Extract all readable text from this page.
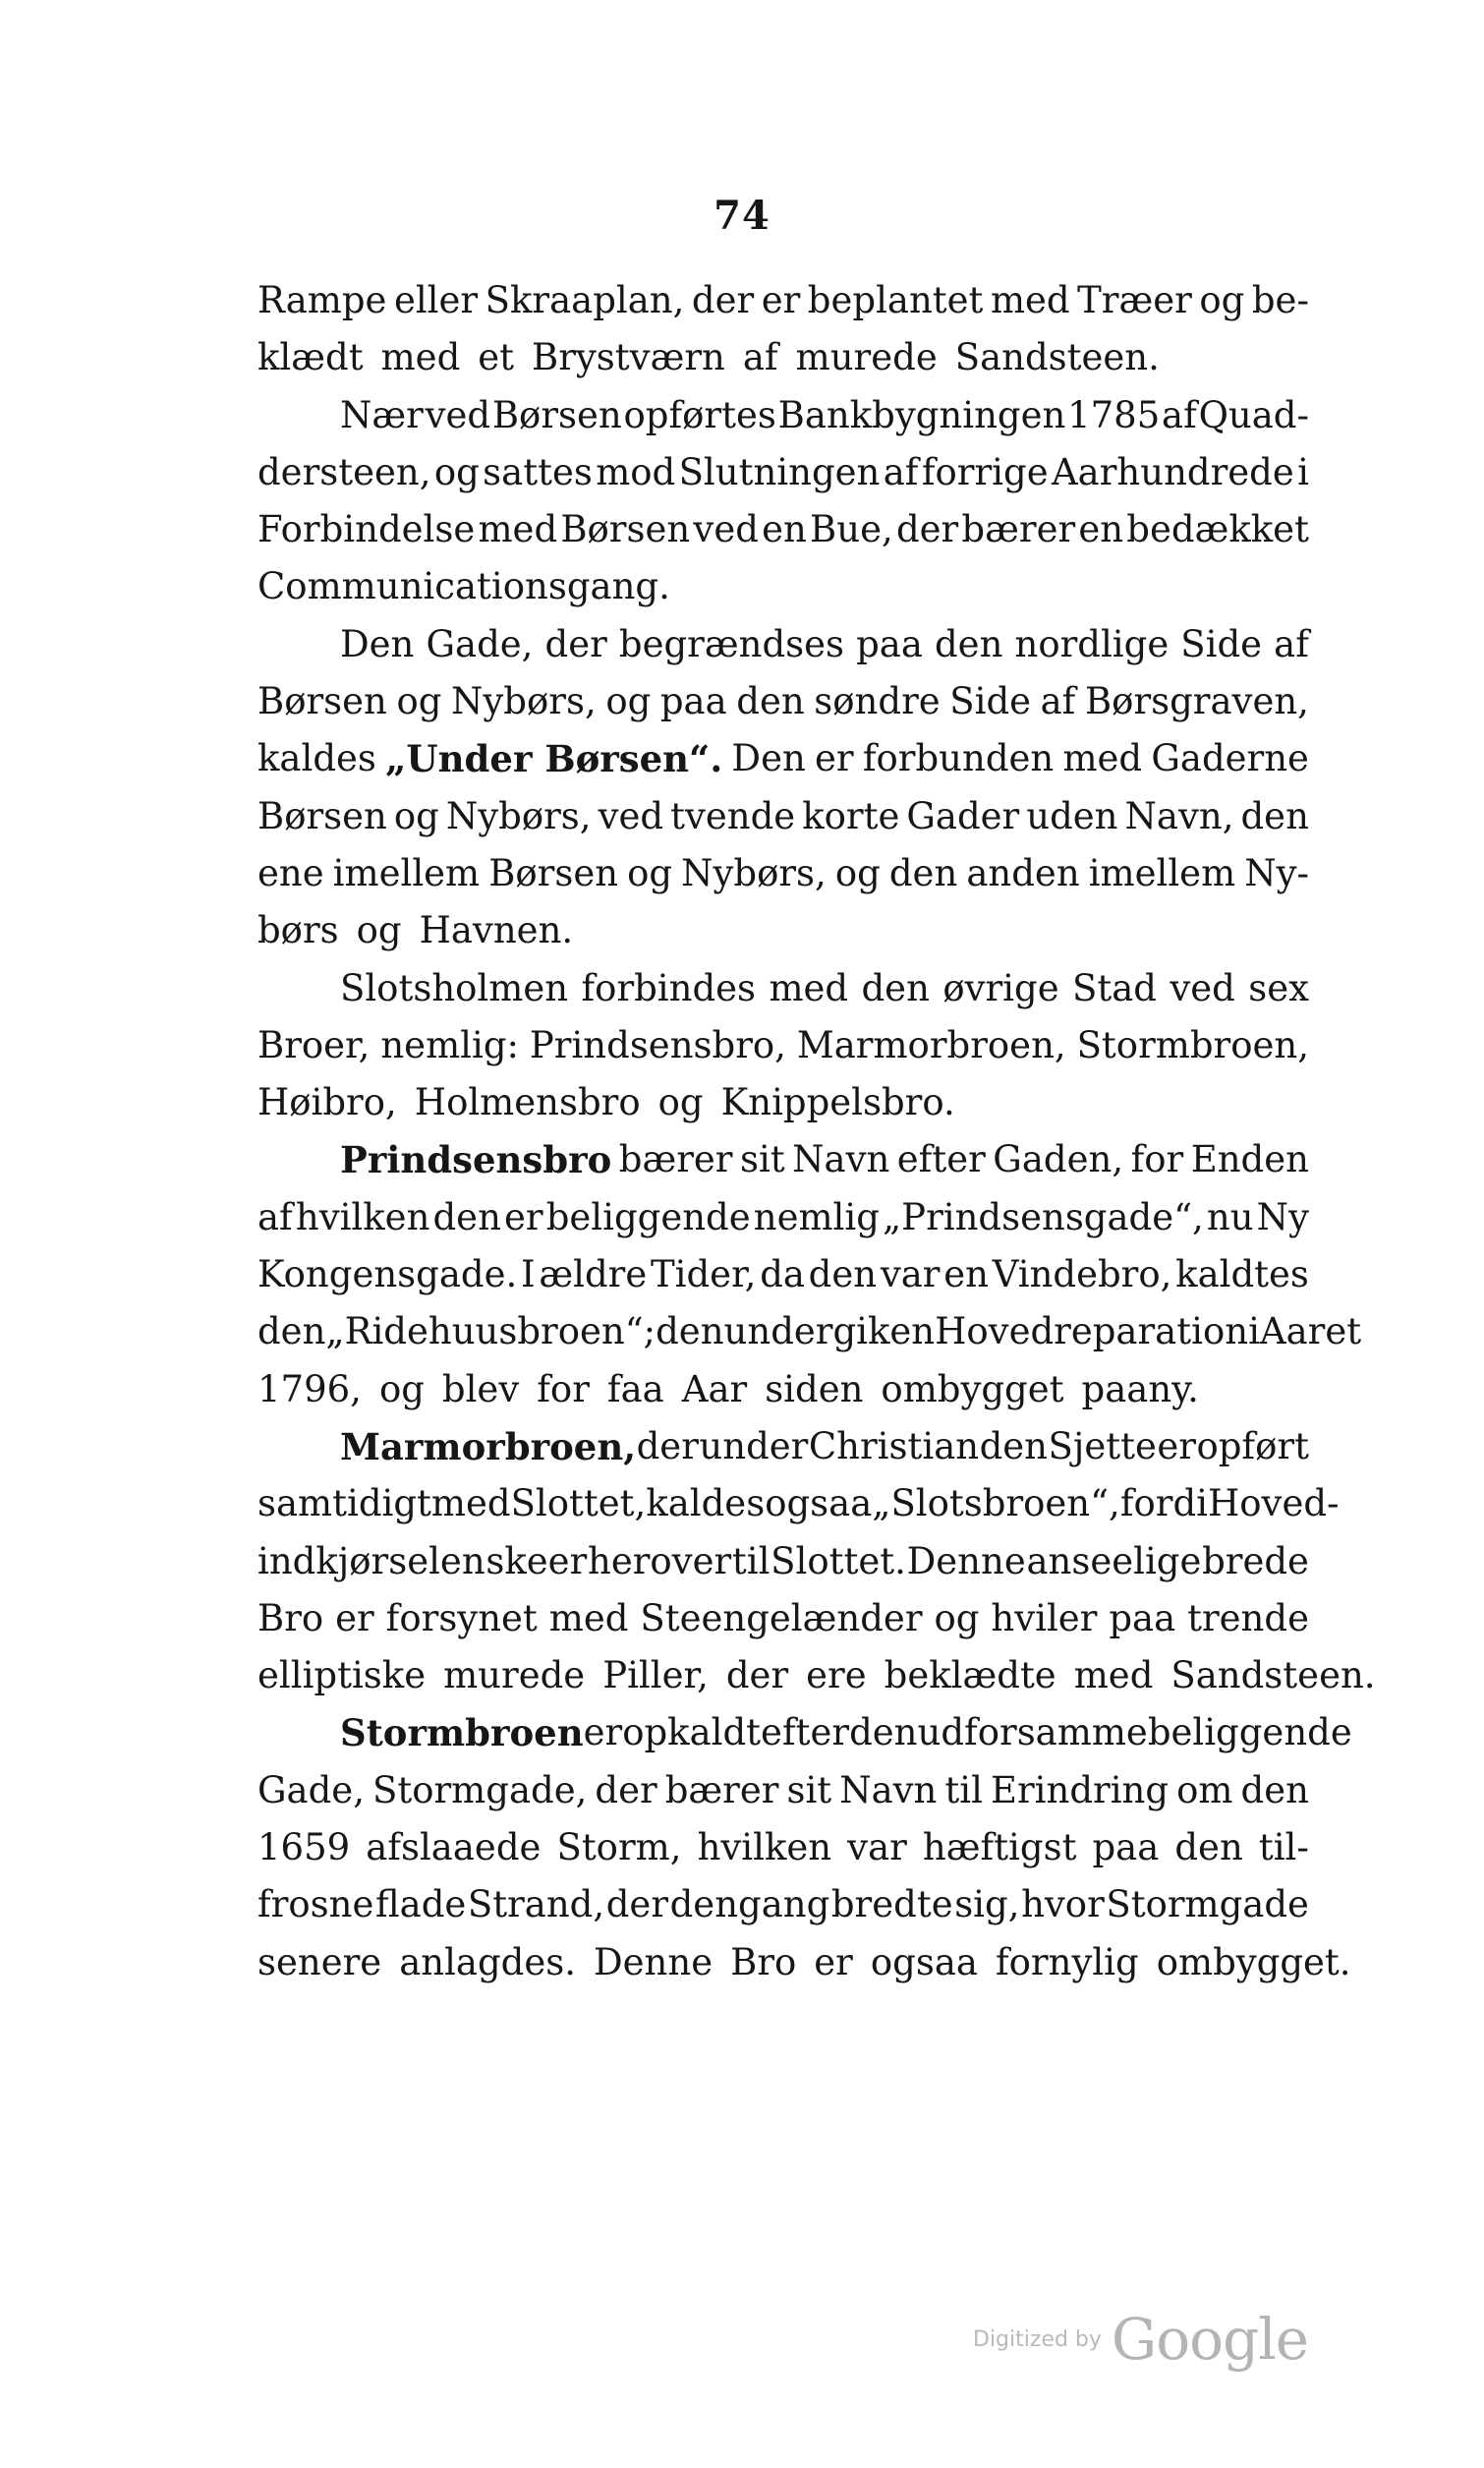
74
Rampe eller Skraaplan, der er beplantet med Træer og be-
klædt med et Brystværn af murede Sandsteen.
Nær ved Børsen opførtes Bankbygningen 1785 af Quad-
dersteen, og sattes mod Slutningen af forrige Aarhundrede i
Forbindelse med Børsen ved en Bue, der bærer en bedækket
Communicationsgang.
Den Gade, der begrændses paa den nordlige Side af
Børsen og Nybørs, og paa den søndre Side af Børsgraven,
kaldes „Under Børsen“. Den er forbunden med Gaderne
Børsen og Nybørs, ved tvende korte Gader uden Navn, den
ene imellem Børsen og Nybørs, og den anden imellem Ny-
børs og Havnen.
Slotsholmen forbindes med den øvrige Stad ved sex
Broer, nemlig: Prindsensbro, Marmorbroen, Stormbroen,
Høibro, Holmensbro og Knippelsbro.
Prindsensbro bærer sit Navn efter Gaden, for Enden
af hvilken den er beliggende nemlig „Prindsensgade“, nu Ny
Kongensgade. I ældre Tider, da den var en Vindebro, kaldtes
den „Ridehuusbroen“; den undergik en Hovedreparation i Aaret
1796, og blev for faa Aar siden ombygget paany.
Marmorbroen, der under Christian den Sjette er opført
samtidigt med Slottet, kaldes ogsaa „Slotsbroen“, fordi Hoved-
indkjørselen skeer herover til Slottet. Denne anseelige brede
Bro er forsynet med Steengelænder og hviler paa trende
elliptiske murede Piller, der ere beklædte med Sandsteen.
Stormbroen er opkaldt efter den udfor samme beliggende
Gade, Stormgade, der bærer sit Navn til Erindring om den
1659 afslaaede Storm, hvilken var hæftigst paa den til-
frosne flade Strand, der dengang bredte sig, hvor Stormgade
senere anlagdes. Denne Bro er ogsaa fornylig ombygget.
Digitized by Google
